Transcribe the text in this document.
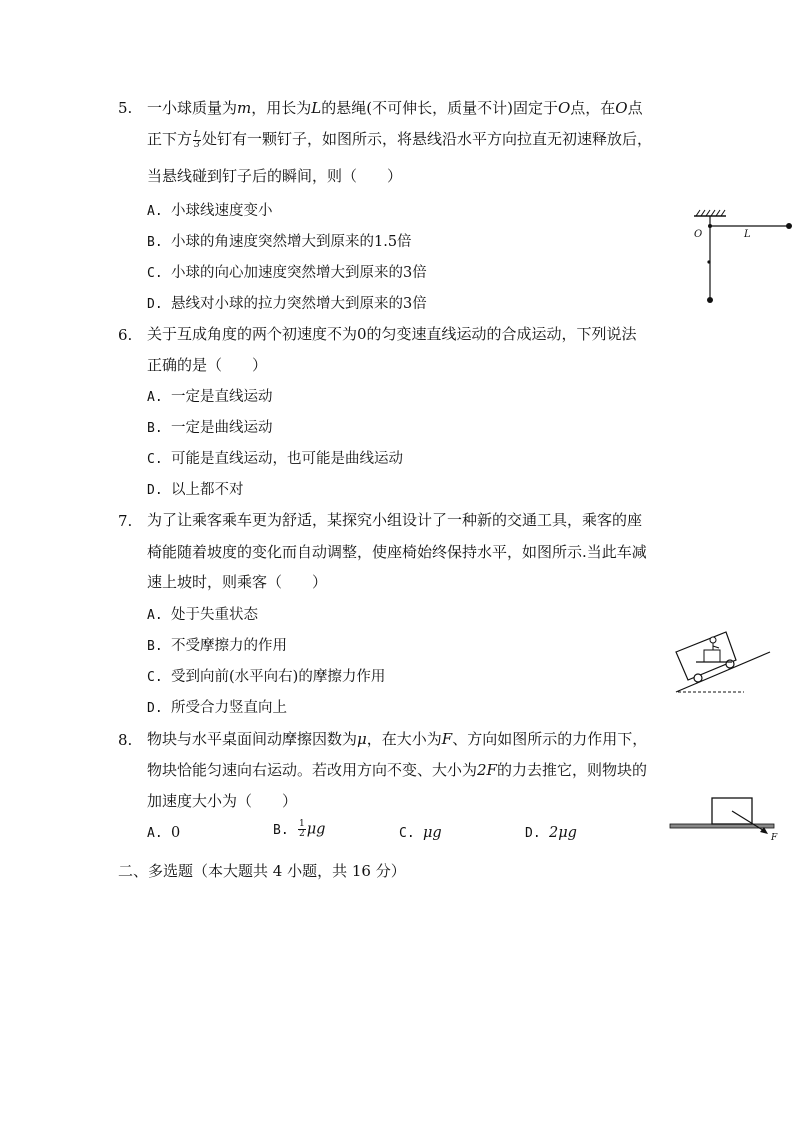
5. 一小球质量为m，用长为L的悬绳(不可伸长，质量不计)固定于O点，在O点
正下方 $\frac{L}{3}$ 处钉有一颗钉子，如图所示，将悬线沿水平方向拉直无初速释放后，
当悬线碰到钉子后的瞬间，则（　　）
A. 小球线速度变小
B. 小球的角速度突然增大到原来的1.5倍
C. 小球的向心加速度突然增大到原来的3倍
D. 悬线对小球的拉力突然增大到原来的3倍
O	L
6. 关于互成角度的两个初速度不为0的匀变速直线运动的合成运动，下列说法
正确的是（　　）
A. 一定是直线运动
B. 一定是曲线运动
C. 可能是直线运动，也可能是曲线运动
D. 以上都不对
7. 为了让乘客乘车更为舒适，某探究小组设计了一种新的交通工具，乘客的座
椅能随着坡度的变化而自动调整，使座椅始终保持水平，如图所示.当此车减
速上坡时，则乘客（　　）
A. 处于失重状态
B. 不受摩擦力的作用
C. 受到向前(水平向右)的摩擦力作用
D. 所受合力竖直向上
8. 物块与水平桌面间动摩擦因数为μ，在大小为F、方向如图所示的力作用下，
物块恰能匀速向右运动。若改用方向不变、大小为2F的力去推它，则物块的
加速度大小为（　　）
A. 0	B. $\frac{1}{2}$ μg	C. μg	D. 2μg	F
二、多选题（本大题共 4 小题，共 16 分）
